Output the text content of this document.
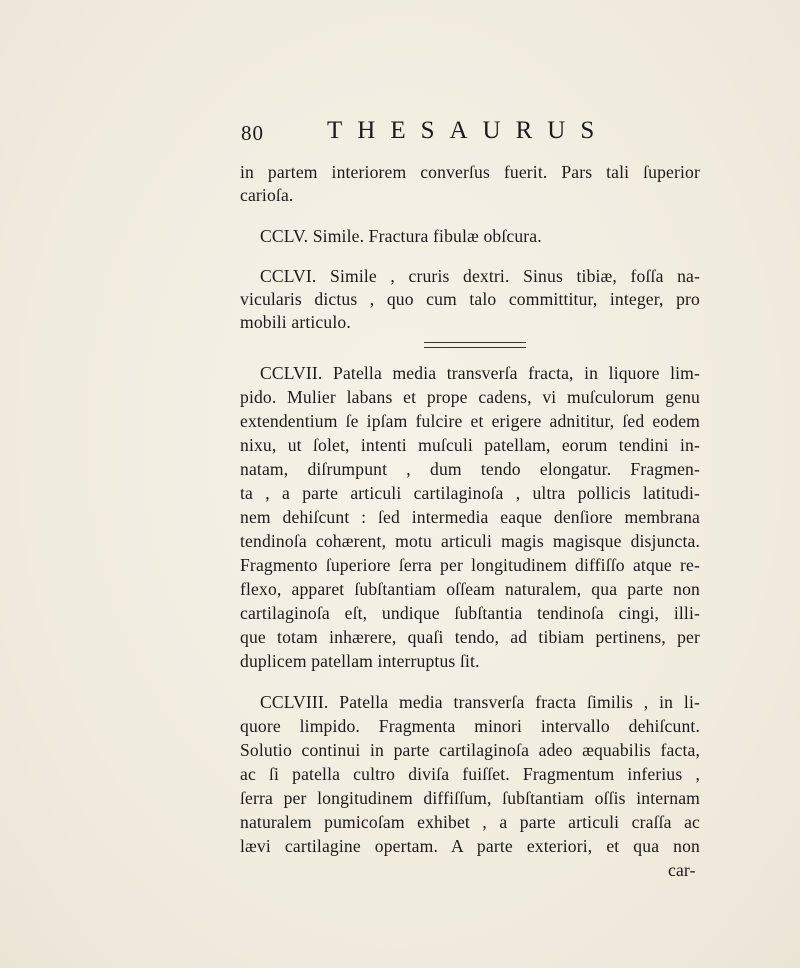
80	THESAURUS
in partem interiorem converſus fuerit. Pars tali ſuperior
carioſa.
CCLV. Simile. Fractura fibulæ obſcura.
CCLVI. Simile , cruris dextri. Sinus tibiæ, foſſa na-
vicularis dictus , quo cum talo committitur, integer, pro
mobili articulo.
CCLVII. Patella media transverſa fracta, in liquore lim-
pido. Mulier labans et prope cadens, vi muſculorum genu
extendentium ſe ipſam fulcire et erigere adnititur, ſed eodem
nixu, ut ſolet, intenti muſculi patellam, eorum tendini in-
natam, diſrumpunt , dum tendo elongatur. Fragmen-
ta , a parte articuli cartilaginoſa , ultra pollicis latitudi-
nem dehiſcunt : ſed intermedia eaque denſiore membrana
tendinoſa cohærent, motu articuli magis magisque disjuncta.
Fragmento ſuperiore ſerra per longitudinem diffiſſo atque re-
flexo, apparet ſubſtantiam oſſeam naturalem, qua parte non
cartilaginoſa eſt, undique ſubſtantia tendinoſa cingi, illi-
que totam inhærere, quaſi tendo, ad tibiam pertinens, per
duplicem patellam interruptus ſit.
CCLVIII. Patella media transverſa fracta ſimilis , in li-
quore limpido. Fragmenta minori intervallo dehiſcunt.
Solutio continui in parte cartilaginoſa adeo æquabilis facta,
ac ſi patella cultro diviſa fuiſſet. Fragmentum inferius ,
ſerra per longitudinem diffiſſum, ſubſtantiam oſſis internam
naturalem pumicoſam exhibet , a parte articuli craſſa ac
lævi cartilagine opertam. A parte exteriori, et qua non
car-
